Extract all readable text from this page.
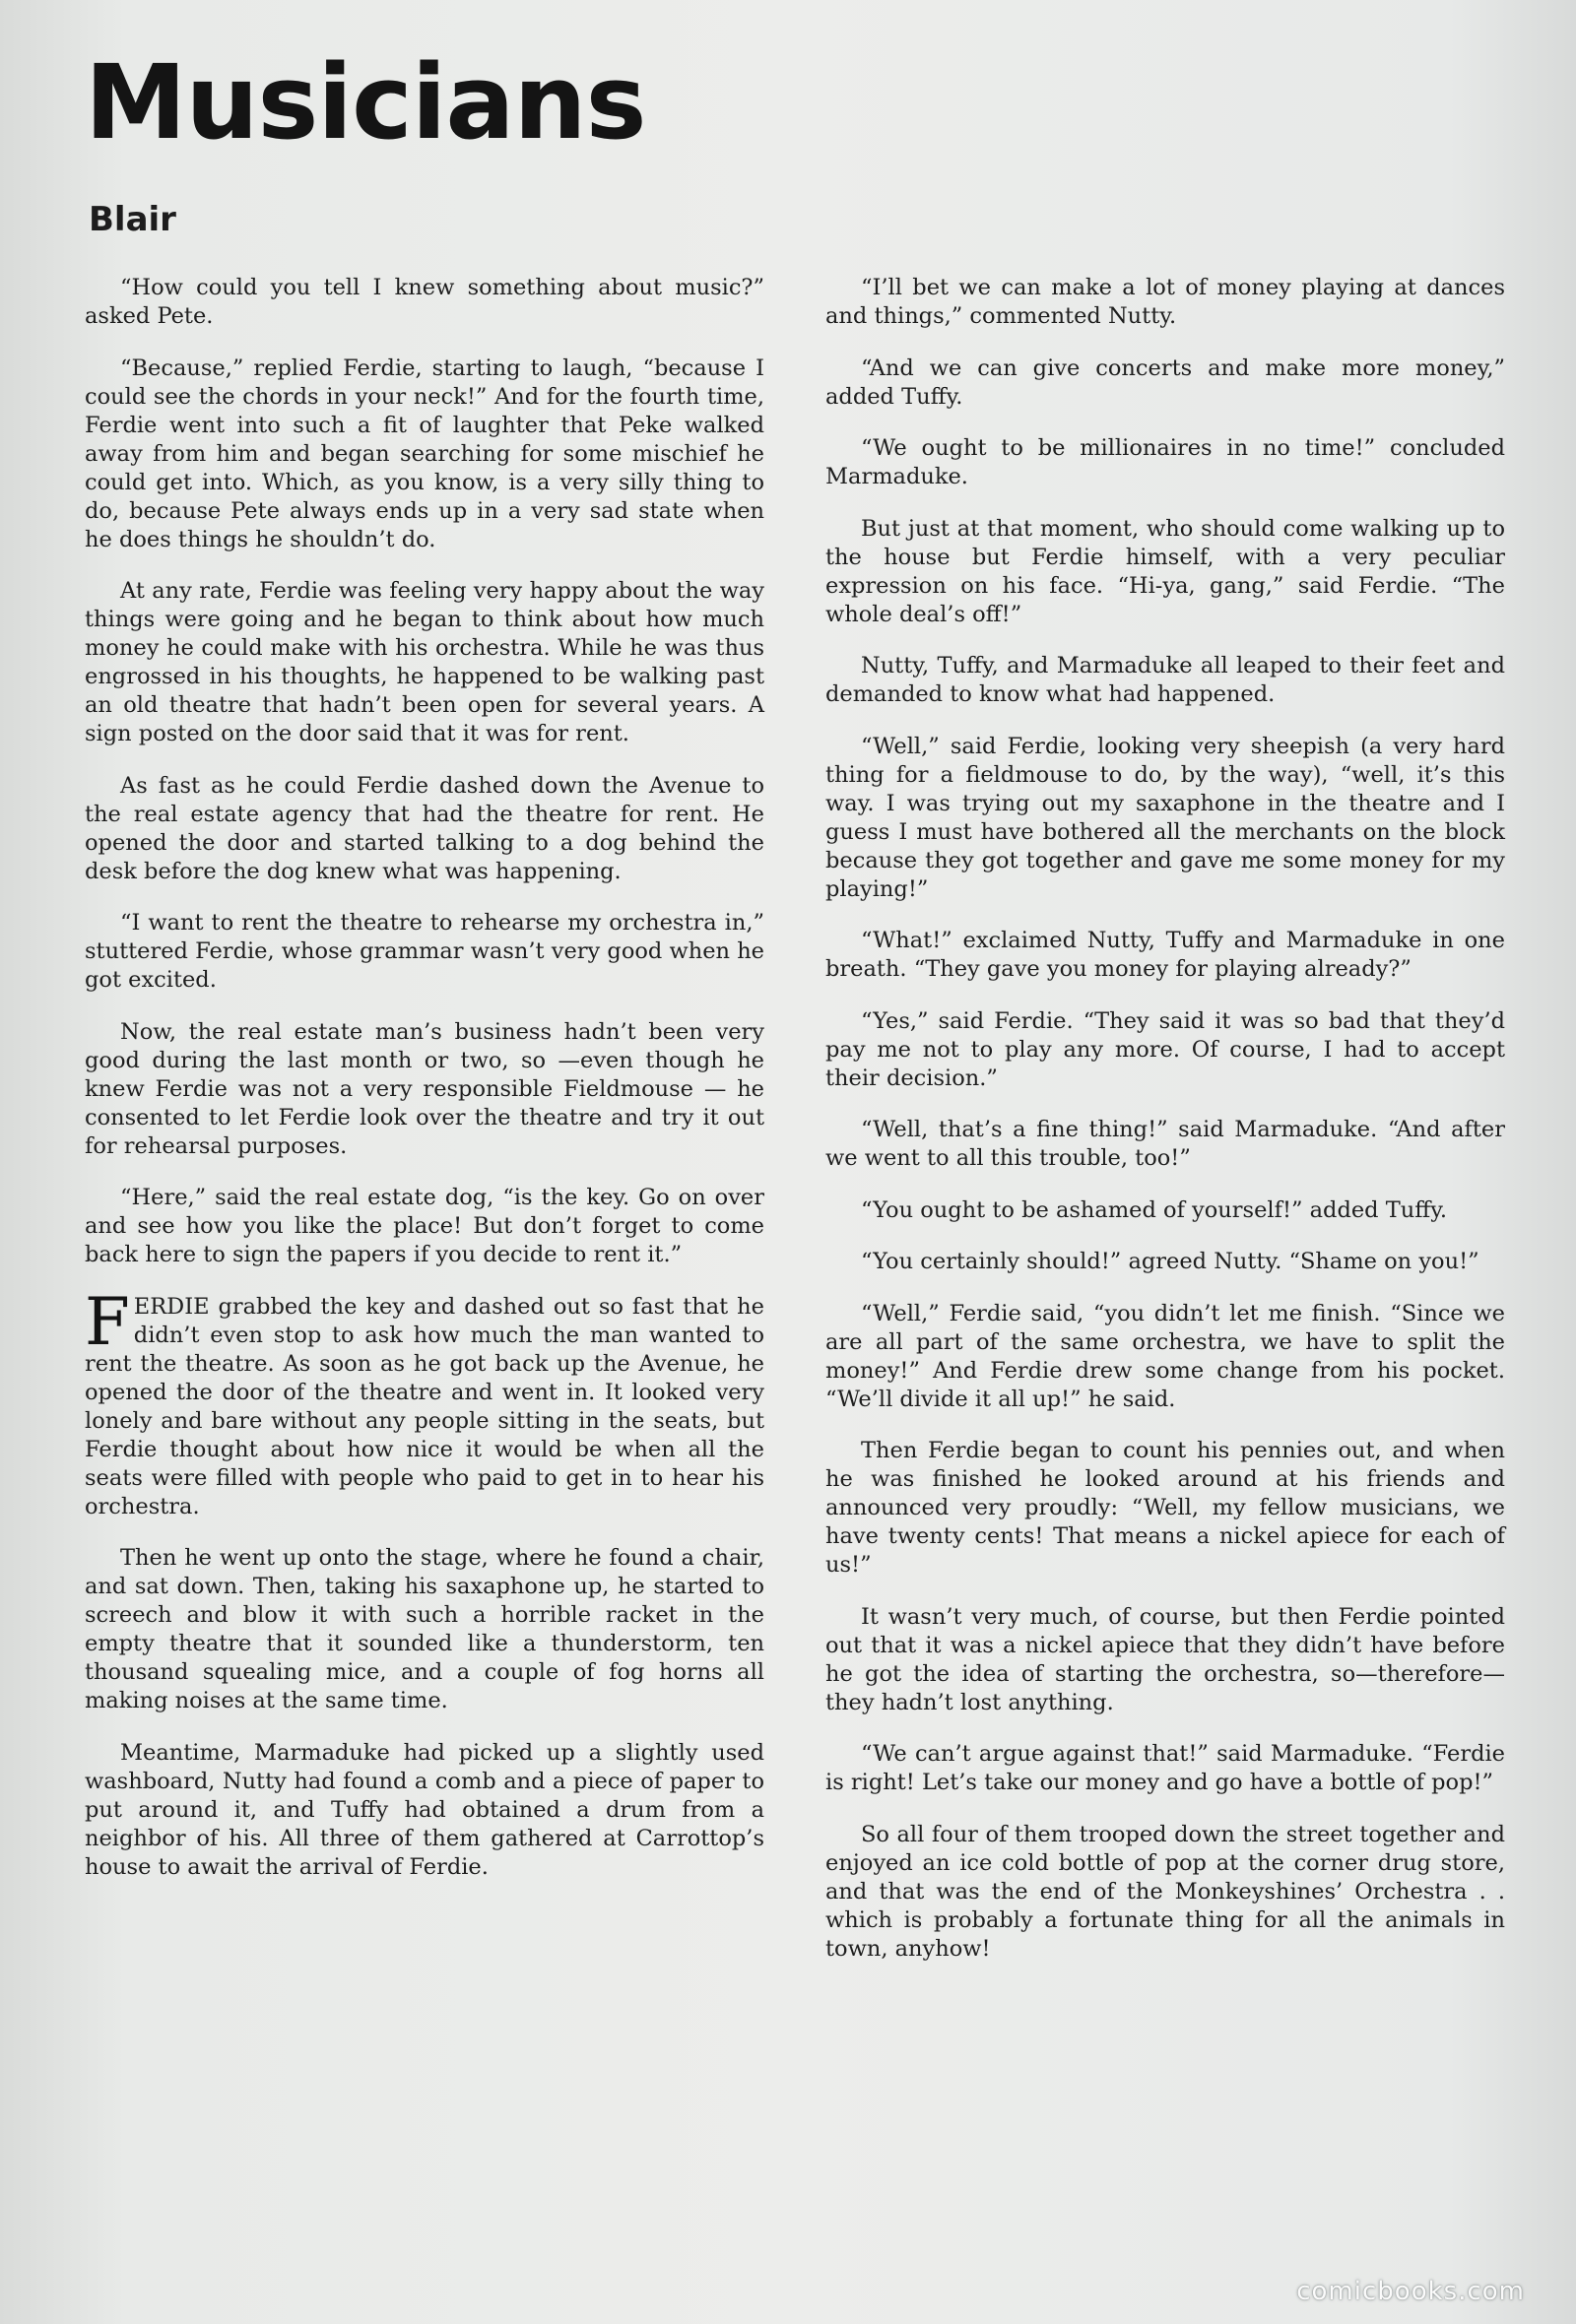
Musicians
Blair

“How could you tell I knew something about music?” asked Pete.

“Because,” replied Ferdie, starting to laugh, “because I could see the chords in your neck!” And for the fourth time, Ferdie went into such a fit of laughter that Peke walked away from him and began searching for some mischief he could get into. Which, as you know, is a very silly thing to do, because Pete always ends up in a very sad state when he does things he shouldn’t do.

At any rate, Ferdie was feeling very happy about the way things were going and he began to think about how much money he could make with his orchestra. While he was thus engrossed in his thoughts, he happened to be walking past an old theatre that hadn’t been open for several years. A sign posted on the door said that it was for rent.

As fast as he could Ferdie dashed down the Avenue to the real estate agency that had the theatre for rent. He opened the door and started talking to a dog behind the desk before the dog knew what was happening.

“I want to rent the theatre to rehearse my orchestra in,” stuttered Ferdie, whose grammar wasn’t very good when he got excited.

Now, the real estate man’s business hadn’t been very good during the last month or two, so —even though he knew Ferdie was not a very responsible Fieldmouse — he consented to let Ferdie look over the theatre and try it out for rehearsal purposes.

“Here,” said the real estate dog, “is the key. Go on over and see how you like the place! But don’t forget to come back here to sign the papers if you decide to rent it.”

FERDIE grabbed the key and dashed out so fast that he didn’t even stop to ask how much the man wanted to rent the theatre. As soon as he got back up the Avenue, he opened the door of the theatre and went in. It looked very lonely and bare without any people sitting in the seats, but Ferdie thought about how nice it would be when all the seats were filled with people who paid to get in to hear his orchestra.

Then he went up onto the stage, where he found a chair, and sat down. Then, taking his saxaphone up, he started to screech and blow it with such a horrible racket in the empty theatre that it sounded like a thunderstorm, ten thousand squealing mice, and a couple of fog horns all making noises at the same time.

Meantime, Marmaduke had picked up a slightly used washboard, Nutty had found a comb and a piece of paper to put around it, and Tuffy had obtained a drum from a neighbor of his. All three of them gathered at Carrottop’s house to await the arrival of Ferdie.

“I’ll bet we can make a lot of money playing at dances and things,” commented Nutty.

“And we can give concerts and make more money,” added Tuffy.

“We ought to be millionaires in no time!” concluded Marmaduke.

But just at that moment, who should come walking up to the house but Ferdie himself, with a very peculiar expression on his face. “Hi-ya, gang,” said Ferdie. “The whole deal’s off!”

Nutty, Tuffy, and Marmaduke all leaped to their feet and demanded to know what had happened.

“Well,” said Ferdie, looking very sheepish (a very hard thing for a fieldmouse to do, by the way), “well, it’s this way. I was trying out my saxaphone in the theatre and I guess I must have bothered all the merchants on the block because they got together and gave me some money for my playing!”

“What!” exclaimed Nutty, Tuffy and Marmaduke in one breath. “They gave you money for playing already?”

“Yes,” said Ferdie. “They said it was so bad that they’d pay me not to play any more. Of course, I had to accept their decision.”

“Well, that’s a fine thing!” said Marmaduke. “And after we went to all this trouble, too!”

“You ought to be ashamed of yourself!” added Tuffy.

“You certainly should!” agreed Nutty. “Shame on you!”

“Well,” Ferdie said, “you didn’t let me finish. “Since we are all part of the same orchestra, we have to split the money!” And Ferdie drew some change from his pocket. “We’ll divide it all up!” he said.

Then Ferdie began to count his pennies out, and when he was finished he looked around at his friends and announced very proudly: “Well, my fellow musicians, we have twenty cents! That means a nickel apiece for each of us!”

It wasn’t very much, of course, but then Ferdie pointed out that it was a nickel apiece that they didn’t have before he got the idea of starting the orchestra, so—therefore—they hadn’t lost anything.

“We can’t argue against that!” said Marmaduke. “Ferdie is right! Let’s take our money and go have a bottle of pop!”

So all four of them trooped down the street together and enjoyed an ice cold bottle of pop at the corner drug store, and that was the end of the Monkeyshines’ Orchestra . . which is probably a fortunate thing for all the animals in town, anyhow!

comicbooks.com
